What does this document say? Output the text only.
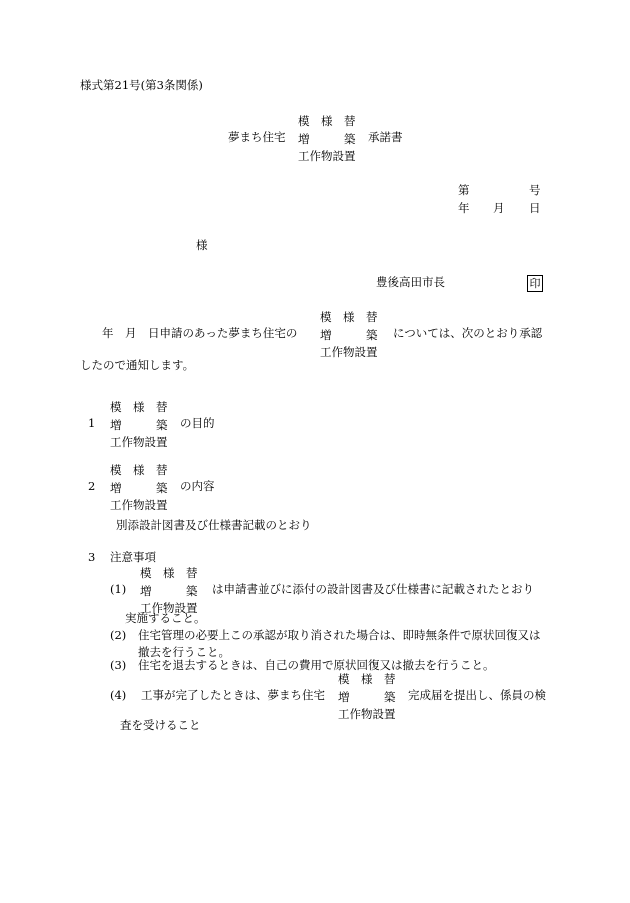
様式第21号(第3条関係)
夢まち住宅
模　様　替
増　　　築
工作物設置
承諾書
第	号
年 月 日
様
豊後高田市長	印
年　月　日申請のあった夢まち住宅の
模　様　替
増　　　築
工作物設置
については、次のとおり承認
したので通知します。
1
模　様　替
増　　　築
工作物設置
の目的
2
模　様　替
増　　　築
工作物設置
の内容
別添設計図書及び仕様書記載のとおり
3 注意事項
(1)
模　様　替
増　　　築
工作物設置
は申請書並びに添付の設計図書及び仕様書に記載されたとおり
実施すること。
(2) 住宅管理の必要上この承認が取り消された場合は、即時無条件で原状回復又は
撤去を行うこと。
(3) 住宅を退去するときは、自己の費用で原状回復又は撤去を行うこと。
(4) 工事が完了したときは、夢まち住宅
模　様　替
増　　　築
工作物設置
完成届を提出し、係員の検
査を受けること
